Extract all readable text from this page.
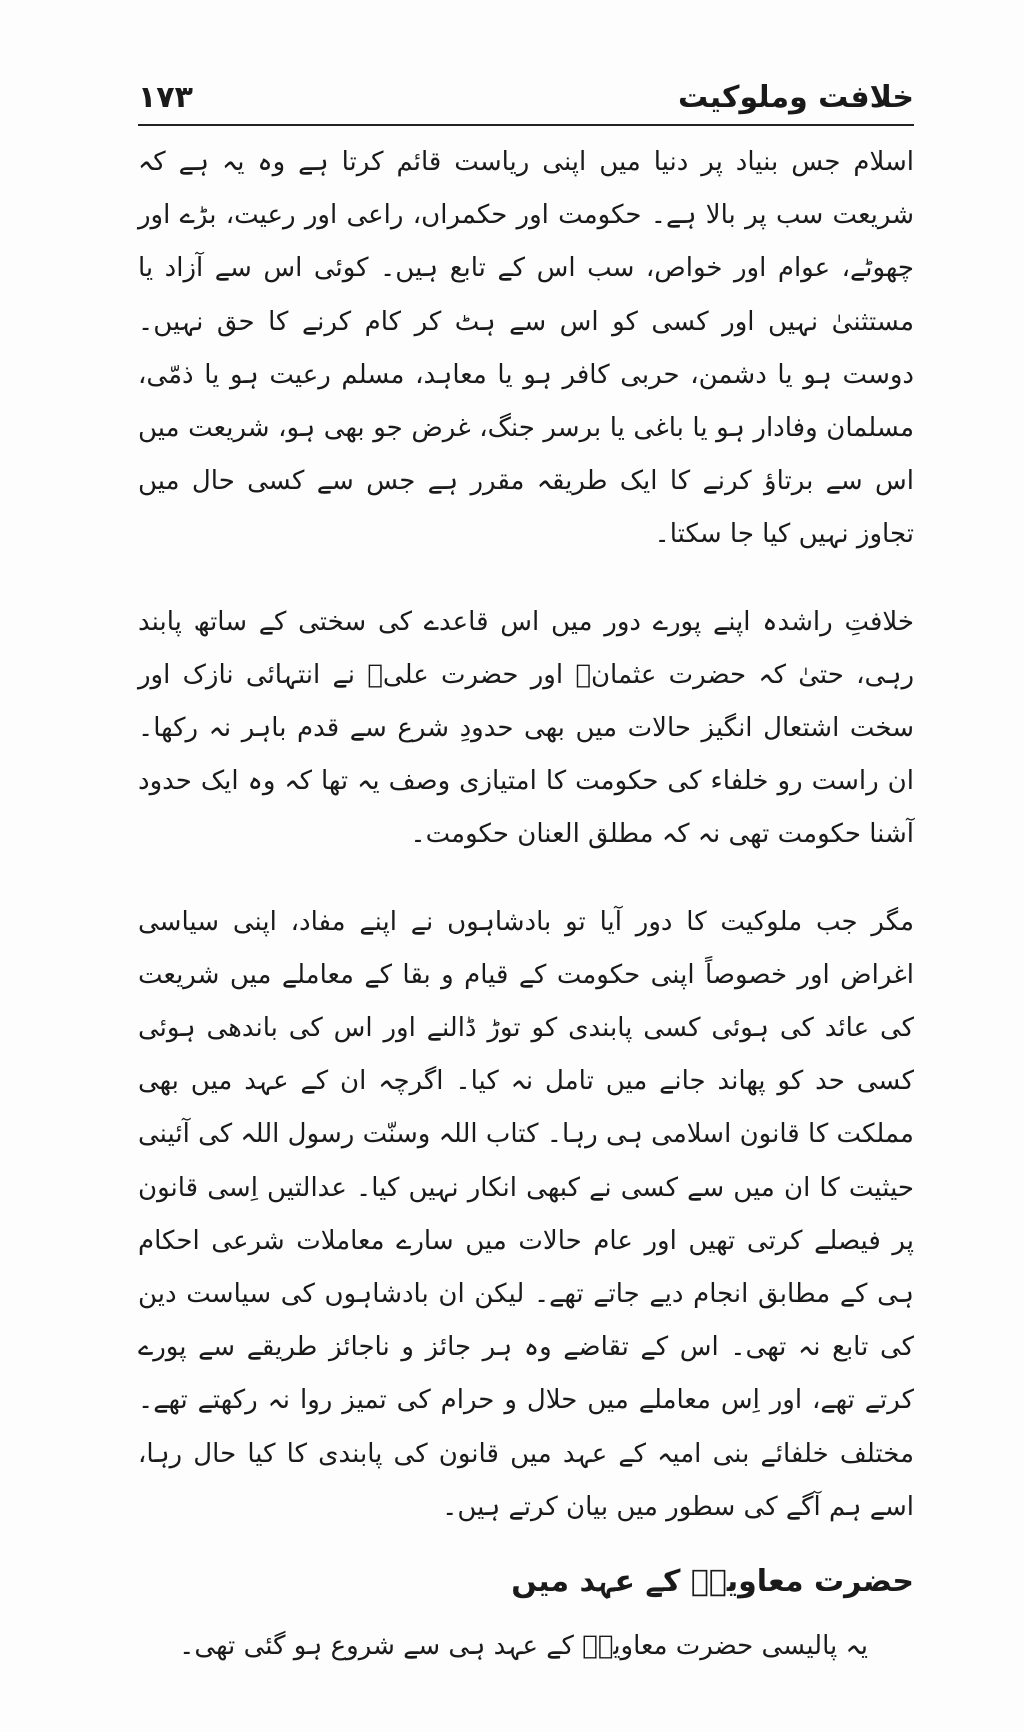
خلافت وملوکیت
۱۷۳

اسلام جس بنیاد پر دنیا میں اپنی ریاست قائم کرتا ہے وہ یہ ہے کہ شریعت سب پر بالا ہے۔ حکومت اور حکمراں، راعی اور رعیت، بڑے اور چھوٹے، عوام اور خواص، سب اس کے تابع ہیں۔ کوئی اس سے آزاد یا مستثنیٰ نہیں اور کسی کو اس سے ہٹ کر کام کرنے کا حق نہیں۔ دوست ہو یا دشمن، حربی کافر ہو یا معاہد، مسلم رعیت ہو یا ذمّی، مسلمان وفادار ہو یا باغی یا برسر جنگ، غرض جو بھی ہو، شریعت میں اس سے برتاؤ کرنے کا ایک طریقہ مقرر ہے جس سے کسی حال میں تجاوز نہیں کیا جا سکتا۔

خلافتِ راشدہ اپنے پورے دور میں اس قاعدے کی سختی کے ساتھ پابند رہی، حتیٰ کہ حضرت عثمانؓ اور حضرت علیؓ نے انتہائی نازک اور سخت اشتعال انگیز حالات میں بھی حدودِ شرع سے قدم باہر نہ رکھا۔ ان راست رو خلفاء کی حکومت کا امتیازی وصف یہ تھا کہ وہ ایک حدود آشنا حکومت تھی نہ کہ مطلق العنان حکومت۔

مگر جب ملوکیت کا دور آیا تو بادشاہوں نے اپنے مفاد، اپنی سیاسی اغراض اور خصوصاً اپنی حکومت کے قیام و بقا کے معاملے میں شریعت کی عائد کی ہوئی کسی پابندی کو توڑ ڈالنے اور اس کی باندھی ہوئی کسی حد کو پھاند جانے میں تامل نہ کیا۔ اگرچہ ان کے عہد میں بھی مملکت کا قانون اسلامی ہی رہا۔ کتاب اللہ وسنّت رسول اللہ کی آئینی حیثیت کا ان میں سے کسی نے کبھی انکار نہیں کیا۔ عدالتیں اِسی قانون پر فیصلے کرتی تھیں اور عام حالات میں سارے معاملات شرعی احکام ہی کے مطابق انجام دیے جاتے تھے۔ لیکن ان بادشاہوں کی سیاست دین کی تابع نہ تھی۔ اس کے تقاضے وہ ہر جائز و ناجائز طریقے سے پورے کرتے تھے، اور اِس معاملے میں حلال و حرام کی تمیز روا نہ رکھتے تھے۔ مختلف خلفائے بنی امیہ کے عہد میں قانون کی پابندی کا کیا حال رہا، اسے ہم آگے کی سطور میں بیان کرتے ہیں۔

حضرت معاویہؓ کے عہد میں

یہ پالیسی حضرت معاویہؓ کے عہد ہی سے شروع ہو گئی تھی۔
